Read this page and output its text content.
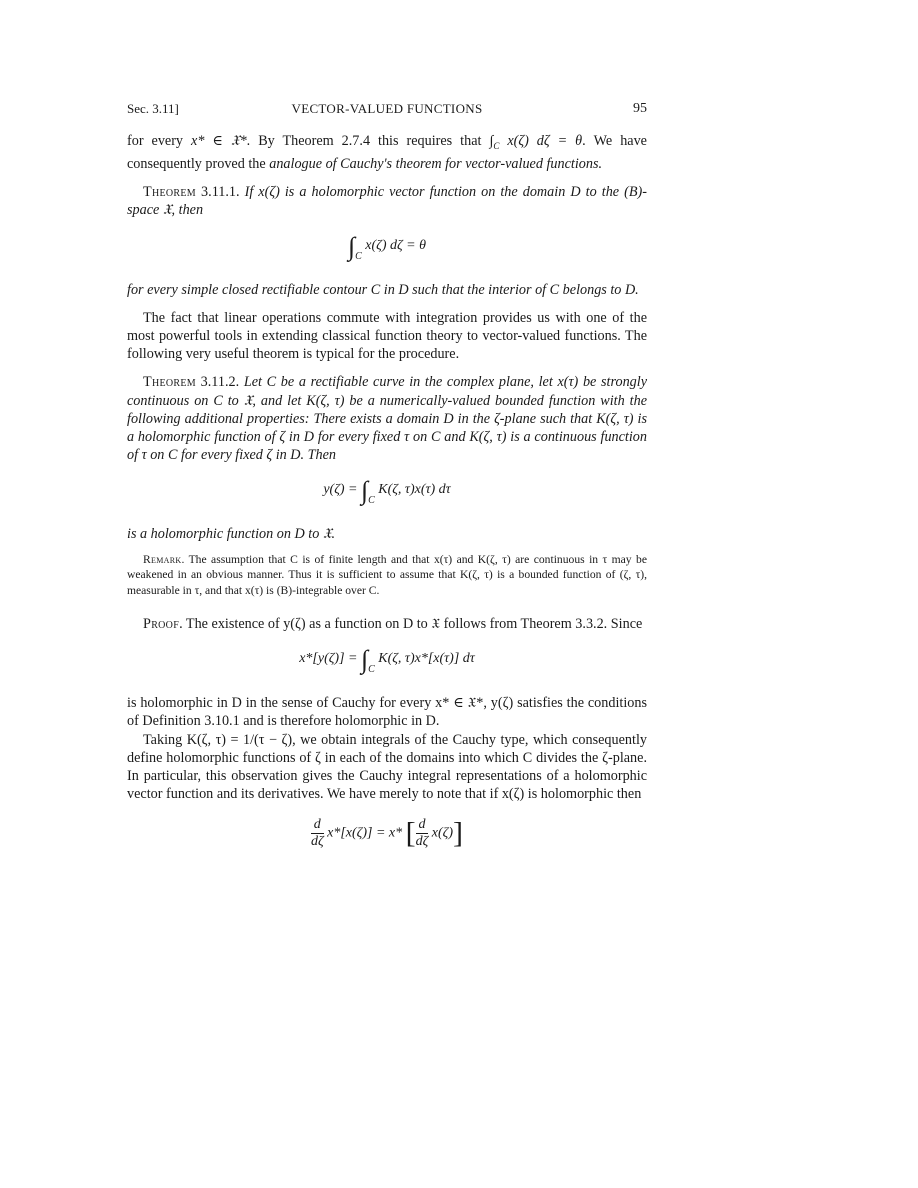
Sec. 3.11]	VECTOR-VALUED FUNCTIONS	95

for every x* ∈ 𝔛*. By Theorem 2.7.4 this requires that $\int_C$ x(ζ) dζ = θ. We have consequently proved the analogue of Cauchy's theorem for vector-valued functions.

Theorem 3.11.1. If x(ζ) is a holomorphic vector function on the domain D to the (B)-space 𝔛, then

$\int_C$ x(ζ) dζ = θ

for every simple closed rectifiable contour C in D such that the interior of C belongs to D.

The fact that linear operations commute with integration provides us with one of the most powerful tools in extending classical function theory to vector-valued functions. The following very useful theorem is typical for the procedure.

Theorem 3.11.2. Let C be a rectifiable curve in the complex plane, let x(τ) be strongly continuous on C to 𝔛, and let K(ζ, τ) be a numerically-valued bounded function with the following additional properties: There exists a domain D in the ζ-plane such that K(ζ, τ) is a holomorphic function of ζ in D for every fixed τ on C and K(ζ, τ) is a continuous function of τ on C for every fixed ζ in D. Then

$y(\zeta) = \int_C$ K(ζ, τ)x(τ) dτ

is a holomorphic function on D to 𝔛.

Remark. The assumption that C is of finite length and that x(τ) and K(ζ, τ) are continuous in τ may be weakened in an obvious manner. Thus it is sufficient to assume that K(ζ, τ) is a bounded function of (ζ, τ), measurable in τ, and that x(τ) is (B)-integrable over C.

Proof. The existence of y(ζ) as a function on D to 𝔛 follows from Theorem 3.3.2. Since

$x*[y(\zeta)] = \int_C$ K(ζ, τ)x*[x(τ)] dτ

is holomorphic in D in the sense of Cauchy for every x* ∈ 𝔛*, y(ζ) satisfies the conditions of Definition 3.10.1 and is therefore holomorphic in D.

Taking K(ζ, τ) = 1/(τ − ζ), we obtain integrals of the Cauchy type, which consequently define holomorphic functions of ζ in each of the domains into which C divides the ζ-plane. In particular, this observation gives the Cauchy integral representations of a holomorphic vector function and its derivatives. We have merely to note that if x(ζ) is holomorphic then

$\frac{d}{d\zeta} x*[x(\zeta)] = x*$ [ $\frac{d}{d\zeta} x(\zeta)$]
